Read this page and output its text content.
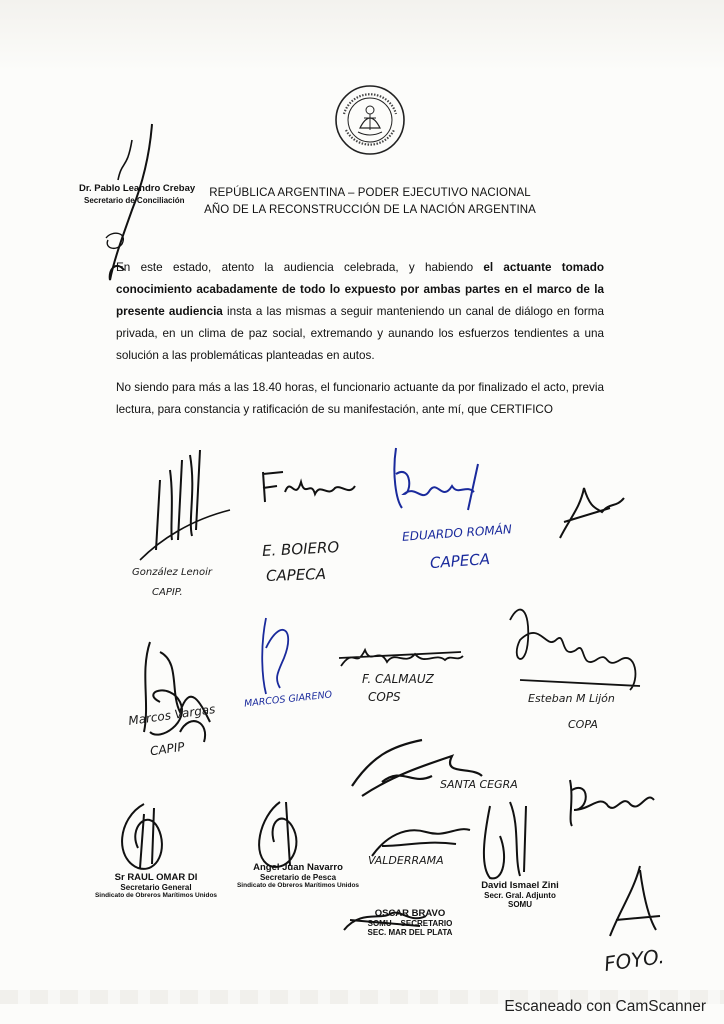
REPÚBLICA ARGENTINA – PODER EJECUTIVO NACIONAL
AÑO DE LA RECONSTRUCCIÓN DE LA NACIÓN ARGENTINA
Dr. Pablo Leandro Crebay
Secretario de Conciliación
En este estado, atento la audiencia celebrada, y habiendo el actuante tomado conocimiento acabadamente de todo lo expuesto por ambas partes en el marco de la presente audiencia insta a las mismas a seguir manteniendo un canal de diálogo en forma privada, en un clima de paz social, extremando y aunando los esfuerzos tendientes a una solución a las problemáticas planteadas en autos.
No siendo para más a las 18.40 horas, el funcionario actuante da por finalizado el acto, previa lectura, para constancia y ratificación de su manifestación, ante mí, que CERTIFICO
González Lenoir
CAPIP.
E. BOIERO
CAPECA
EDUARDO ROMÁN
CAPECA
Marcos Vargas
CAPIP
MARCOS GIARENO
F. CALMAUZ
COPS	Esteban M Lijón
COPA
SANTA CEGRA
VALDERRAMA
FOYO.
Sr RAUL OMAR DI
Secretario General
Sindicato de Obreros Marítimos Unidos
Angel Juan Navarro
Secretario de Pesca
Sindicato de Obreros Marítimos Unidos	David Ismael Zini
Secr. Gral. Adjunto
SOMU
OSCAR BRAVO
SOMU – SECRETARIO
SEC. MAR DEL PLATA
Escaneado con CamScanner
